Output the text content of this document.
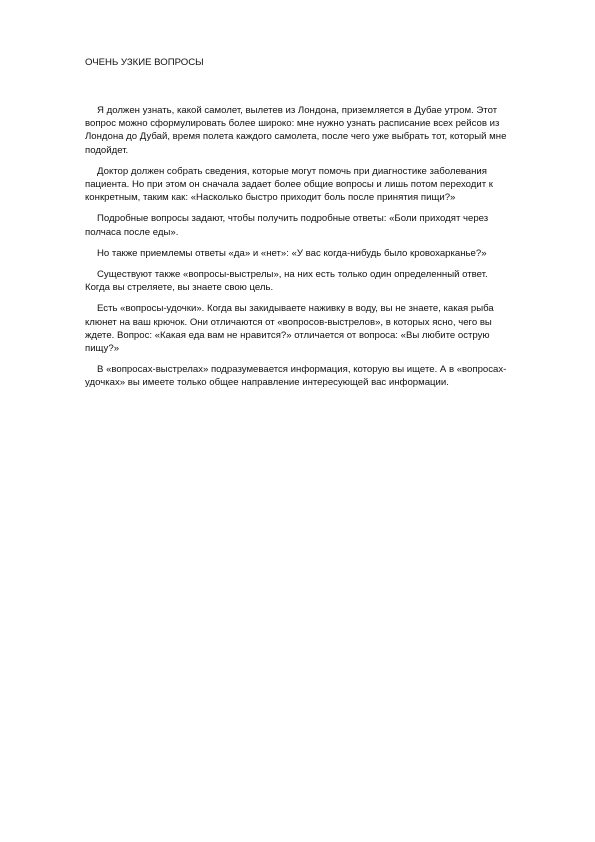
ОЧЕНЬ УЗКИЕ ВОПРОСЫ

Я должен узнать, какой самолет, вылетев из Лондона, приземляется в Дубае утром. Этот вопрос можно сформулировать более широко: мне нужно узнать расписание всех рейсов из Лондона до Дубай, время полета каждого самолета, после чего уже выбрать тот, который мне подойдет.

Доктор должен собрать сведения, которые могут помочь при диагностике заболевания пациента. Но при этом он сначала задает более общие вопросы и лишь потом переходит к конкретным, таким как: «Насколько быстро приходит боль после принятия пищи?»

Подробные вопросы задают, чтобы получить подробные ответы: «Боли приходят через полчаса после еды».

Но также приемлемы ответы «да» и «нет»: «У вас когда-нибудь было кровохарканье?»

Существуют также «вопросы-выстрелы», на них есть только один определенный ответ. Когда вы стреляете, вы знаете свою цель.

Есть «вопросы-удочки». Когда вы закидываете наживку в воду, вы не знаете, какая рыба клюнет на ваш крючок. Они отличаются от «вопросов-выстрелов», в которых ясно, чего вы ждете. Вопрос: «Какая еда вам не нравится?» отличается от вопроса: «Вы любите острую пищу?»

В «вопросах-выстрелах» подразумевается информация, которую вы ищете. А в «вопросах-удочках» вы имеете только общее направление интересующей вас информации.
